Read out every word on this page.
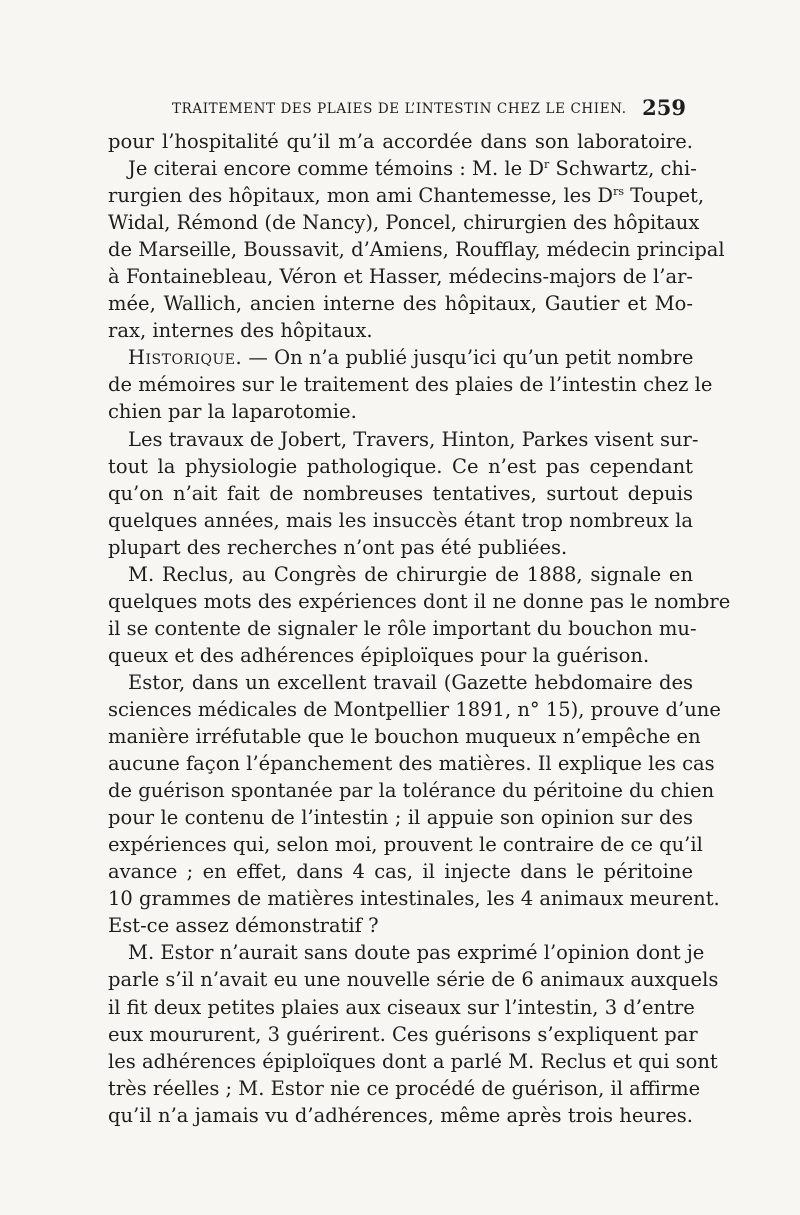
TRAITEMENT DES PLAIES DE L’INTESTIN CHEZ LE CHIEN. 259
pour l’hospitalité qu’il m’a accordée dans son laboratoire.
Je citerai encore comme témoins : M. le $D^r$ Schwartz, chi-
rurgien des hôpitaux, mon ami Chantemesse, les $D^{rs}$ Toupet,
Widal, Rémond (de Nancy), Poncel, chirurgien des hôpitaux
de Marseille, Boussavit, d’Amiens, Roufflay, médecin principal
à Fontainebleau, Véron et Hasser, médecins-majors de l’ar-
mée, Wallich, ancien interne des hôpitaux, Gautier et Mo-
rax, internes des hôpitaux.
Historique. — On n’a publié jusqu’ici qu’un petit nombre
de mémoires sur le traitement des plaies de l’intestin chez le
chien par la laparotomie.
Les travaux de Jobert, Travers, Hinton, Parkes visent sur-
tout la physiologie pathologique. Ce n’est pas cependant
qu’on n’ait fait de nombreuses tentatives, surtout depuis
quelques années, mais les insuccès étant trop nombreux la
plupart des recherches n’ont pas été publiées.
M. Reclus, au Congrès de chirurgie de 1888, signale en
quelques mots des expériences dont il ne donne pas le nombre
il se contente de signaler le rôle important du bouchon mu-
queux et des adhérences épiploïques pour la guérison.
Estor, dans un excellent travail (Gazette hebdomaire des
sciences médicales de Montpellier 1891, n° 15), prouve d’une
manière irréfutable que le bouchon muqueux n’empêche en
aucune façon l’épanchement des matières. Il explique les cas
de guérison spontanée par la tolérance du péritoine du chien
pour le contenu de l’intestin ; il appuie son opinion sur des
expériences qui, selon moi, prouvent le contraire de ce qu’il
avance ; en effet, dans 4 cas, il injecte dans le péritoine
10 grammes de matières intestinales, les 4 animaux meurent.
Est-ce assez démonstratif ?
M. Estor n’aurait sans doute pas exprimé l’opinion dont je
parle s’il n’avait eu une nouvelle série de 6 animaux auxquels
il fit deux petites plaies aux ciseaux sur l’intestin, 3 d’entre
eux moururent, 3 guérirent. Ces guérisons s’expliquent par
les adhérences épiploïques dont a parlé M. Reclus et qui sont
très réelles ; M. Estor nie ce procédé de guérison, il affirme
qu’il n’a jamais vu d’adhérences, même après trois heures.
